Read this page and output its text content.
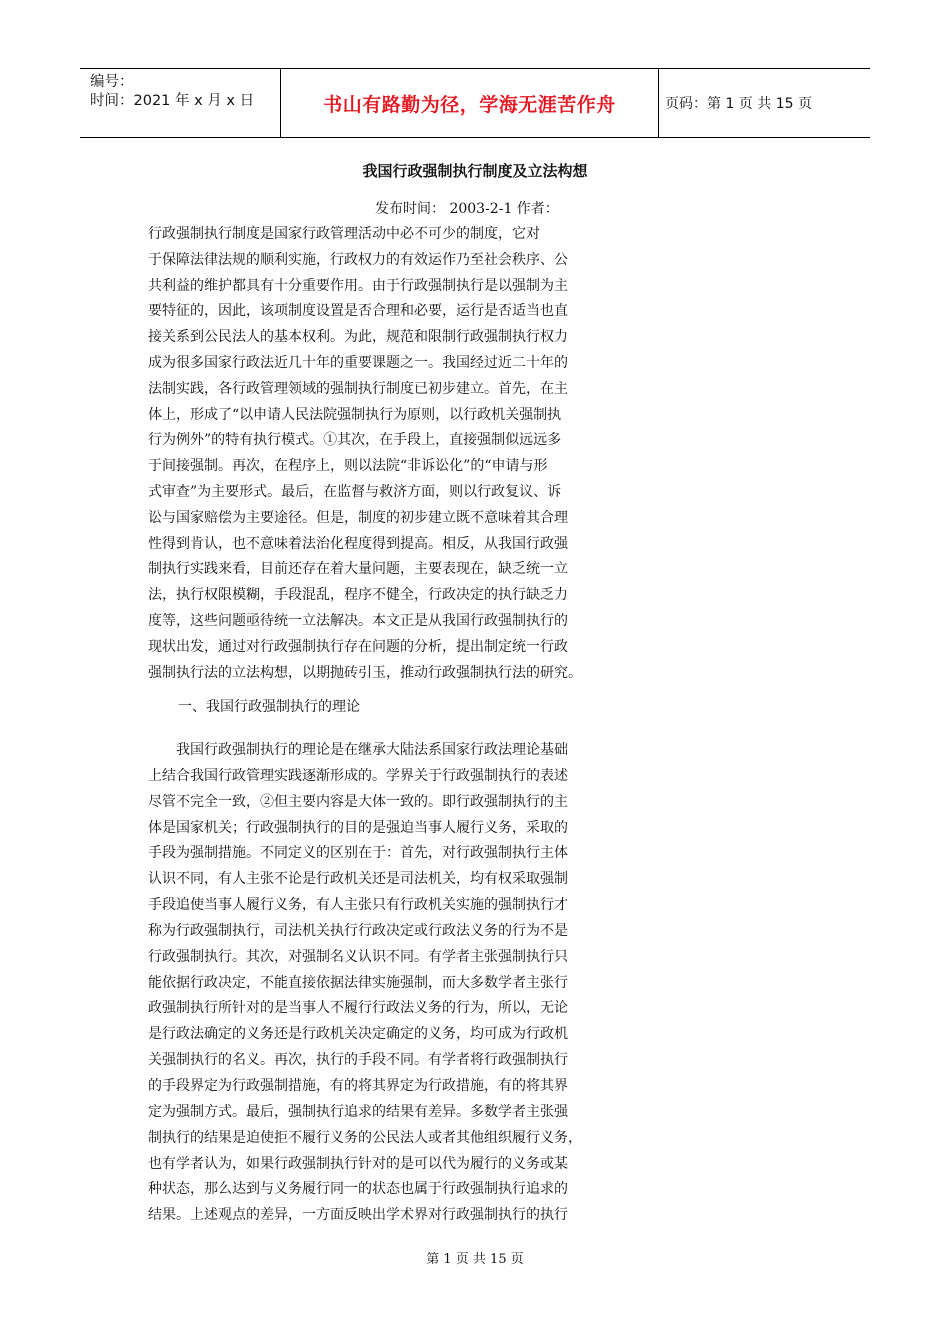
编号：
时间：2021 年 x 月 x 日	书山有路勤为径，学海无涯苦作舟	页码：第 1 页 共 15 页
我国行政强制执行制度及立法构想
发布时间： 2003-2-1 作者：
行政强制执行制度是国家行政管理活动中必不可少的制度，它对
于保障法律法规的顺利实施，行政权力的有效运作乃至社会秩序、公
共利益的维护都具有十分重要作用。由于行政强制执行是以强制为主
要特征的，因此，该项制度设置是否合理和必要，运行是否适当也直
接关系到公民法人的基本权利。为此，规范和限制行政强制执行权力
成为很多国家行政法近几十年的重要课题之一。我国经过近二十年的
法制实践，各行政管理领域的强制执行制度已初步建立。首先，在主
体上，形成了“以申请人民法院强制执行为原则，以行政机关强制执
行为例外”的特有执行模式。①其次，在手段上，直接强制似远远多
于间接强制。再次，在程序上，则以法院“非诉讼化”的“申请与形
式审查”为主要形式。最后，在监督与救济方面，则以行政复议、诉
讼与国家赔偿为主要途径。但是，制度的初步建立既不意味着其合理
性得到肯认，也不意味着法治化程度得到提高。相反，从我国行政强
制执行实践来看，目前还存在着大量问题，主要表现在，缺乏统一立
法，执行权限模糊，手段混乱，程序不健全，行政决定的执行缺乏力
度等，这些问题亟待统一立法解决。本文正是从我国行政强制执行的
现状出发，通过对行政强制执行存在问题的分析，提出制定统一行政
强制执行法的立法构想，以期抛砖引玉，推动行政强制执行法的研究。
一、我国行政强制执行的理论
　　我国行政强制执行的理论是在继承大陆法系国家行政法理论基础
上结合我国行政管理实践逐渐形成的。学界关于行政强制执行的表述
尽管不完全一致，②但主要内容是大体一致的。即行政强制执行的主
体是国家机关；行政强制执行的目的是强迫当事人履行义务，采取的
手段为强制措施。不同定义的区别在于：首先，对行政强制执行主体
认识不同，有人主张不论是行政机关还是司法机关，均有权采取强制
手段追使当事人履行义务，有人主张只有行政机关实施的强制执行才
称为行政强制执行，司法机关执行行政决定或行政法义务的行为不是
行政强制执行。其次，对强制名义认识不同。有学者主张强制执行只
能依据行政决定，不能直接依据法律实施强制，而大多数学者主张行
政强制执行所针对的是当事人不履行行政法义务的行为，所以，无论
是行政法确定的义务还是行政机关决定确定的义务，均可成为行政机
关强制执行的名义。再次，执行的手段不同。有学者将行政强制执行
的手段界定为行政强制措施，有的将其界定为行政措施，有的将其界
定为强制方式。最后，强制执行追求的结果有差异。多数学者主张强
制执行的结果是迫使拒不履行义务的公民法人或者其他组织履行义务，
也有学者认为，如果行政强制执行针对的是可以代为履行的义务或某
种状态，那么达到与义务履行同一的状态也属于行政强制执行追求的
结果。上述观点的差异，一方面反映出学术界对行政强制执行的执行
第 1 页 共 15 页
